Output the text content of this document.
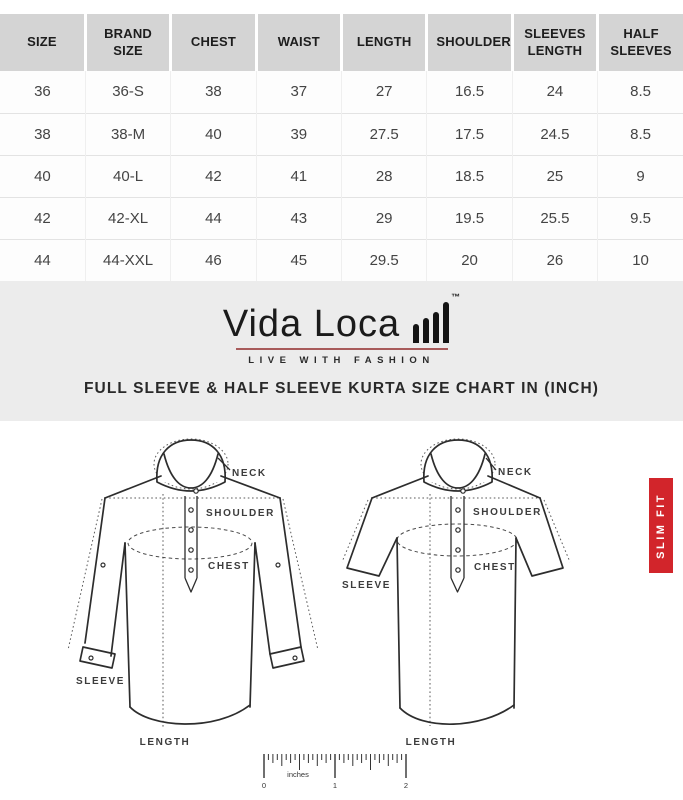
SIZE	BRAND SIZE	CHEST	WAIST	LENGTH	SHOULDER	SLEEVES LENGTH	HALF SLEEVES
36	36-S	38	37	27	16.5	24	8.5
38	38-M	40	39	27.5	17.5	24.5	8.5
40	40-L	42	41	28	18.5	25	9
42	42-XL	44	43	29	19.5	25.5	9.5
44	44-XXL	46	45	29.5	20	26	10
Vida Loca
™
LIVE WITH FASHION
FULL SLEEVE & HALF SLEEVE KURTA SIZE CHART IN (INCH)
NECK
SHOULDER
CHEST
SLEEVE
LENGTH
NECK
SHOULDER
CHEST
SLEEVE
LENGTH
SLIM FIT
0	1	2
inches
